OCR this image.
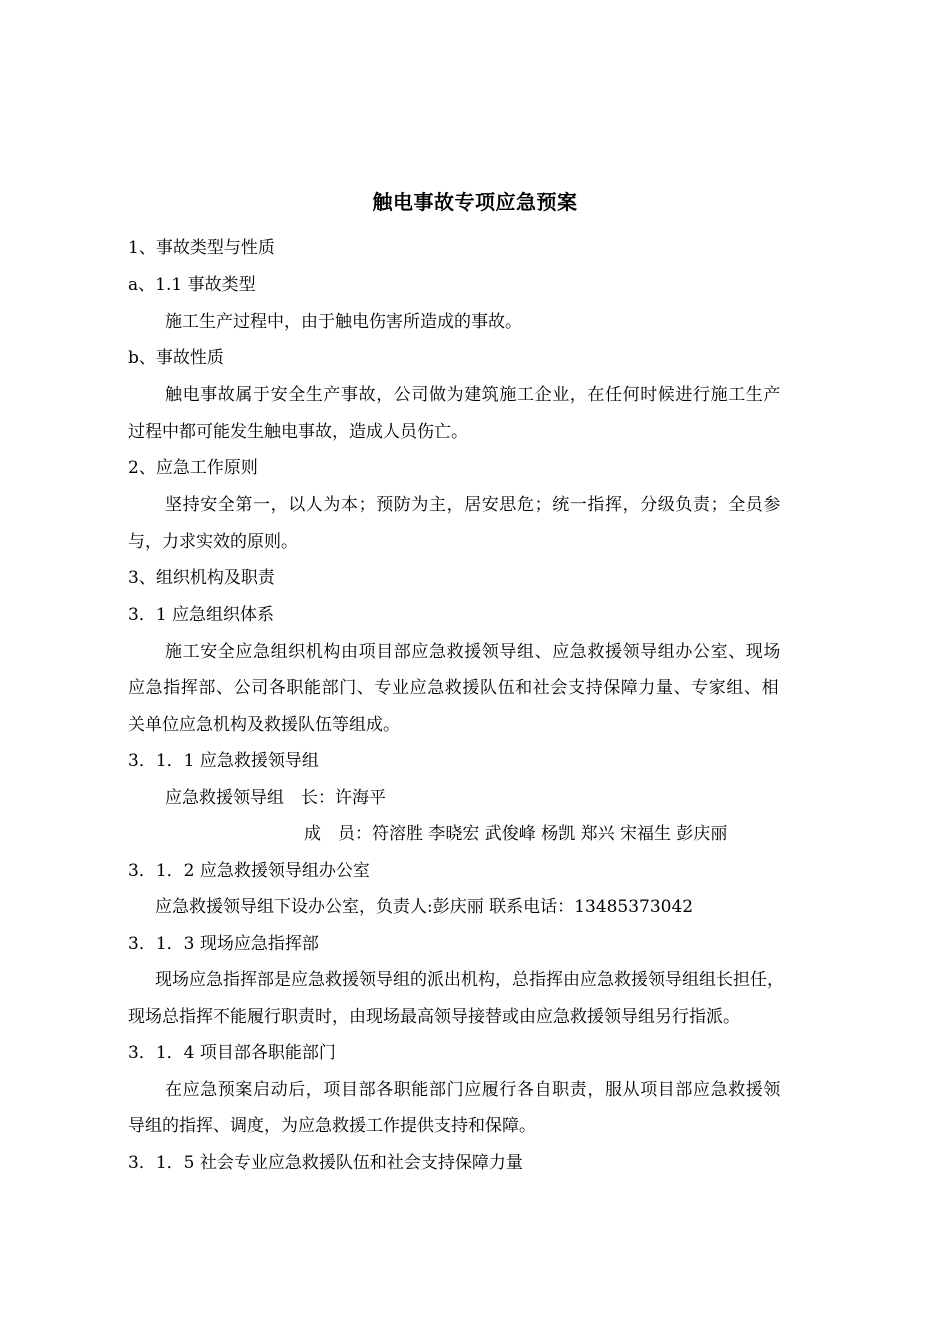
触电事故专项应急预案
1、事故类型与性质
a、1.1 事故类型
施工生产过程中，由于触电伤害所造成的事故。
b、事故性质
触电事故属于安全生产事故，公司做为建筑施工企业，在任何时候进行施工生产
过程中都可能发生触电事故，造成人员伤亡。
2、应急工作原则
坚持安全第一，以人为本；预防为主，居安思危；统一指挥，分级负责；全员参
与，力求实效的原则。
3、组织机构及职责
3．1 应急组织体系
施工安全应急组织机构由项目部应急救援领导组、应急救援领导组办公室、现场
应急指挥部、公司各职能部门、专业应急救援队伍和社会支持保障力量、专家组、相
关单位应急机构及救援队伍等组成。
3．1．1 应急救援领导组
应急救援领导组　长：许海平
成　员：符溶胜 李晓宏 武俊峰 杨凯 郑兴 宋福生 彭庆丽
3．1．2 应急救援领导组办公室
应急救援领导组下设办公室，负责人:彭庆丽 联系电话：13485373042
3．1．3 现场应急指挥部
现场应急指挥部是应急救援领导组的派出机构，总指挥由应急救援领导组组长担任，
现场总指挥不能履行职责时，由现场最高领导接替或由应急救援领导组另行指派。
3．1．4 项目部各职能部门
在应急预案启动后，项目部各职能部门应履行各自职责，服从项目部应急救援领
导组的指挥、调度，为应急救援工作提供支持和保障。
3．1．5 社会专业应急救援队伍和社会支持保障力量
